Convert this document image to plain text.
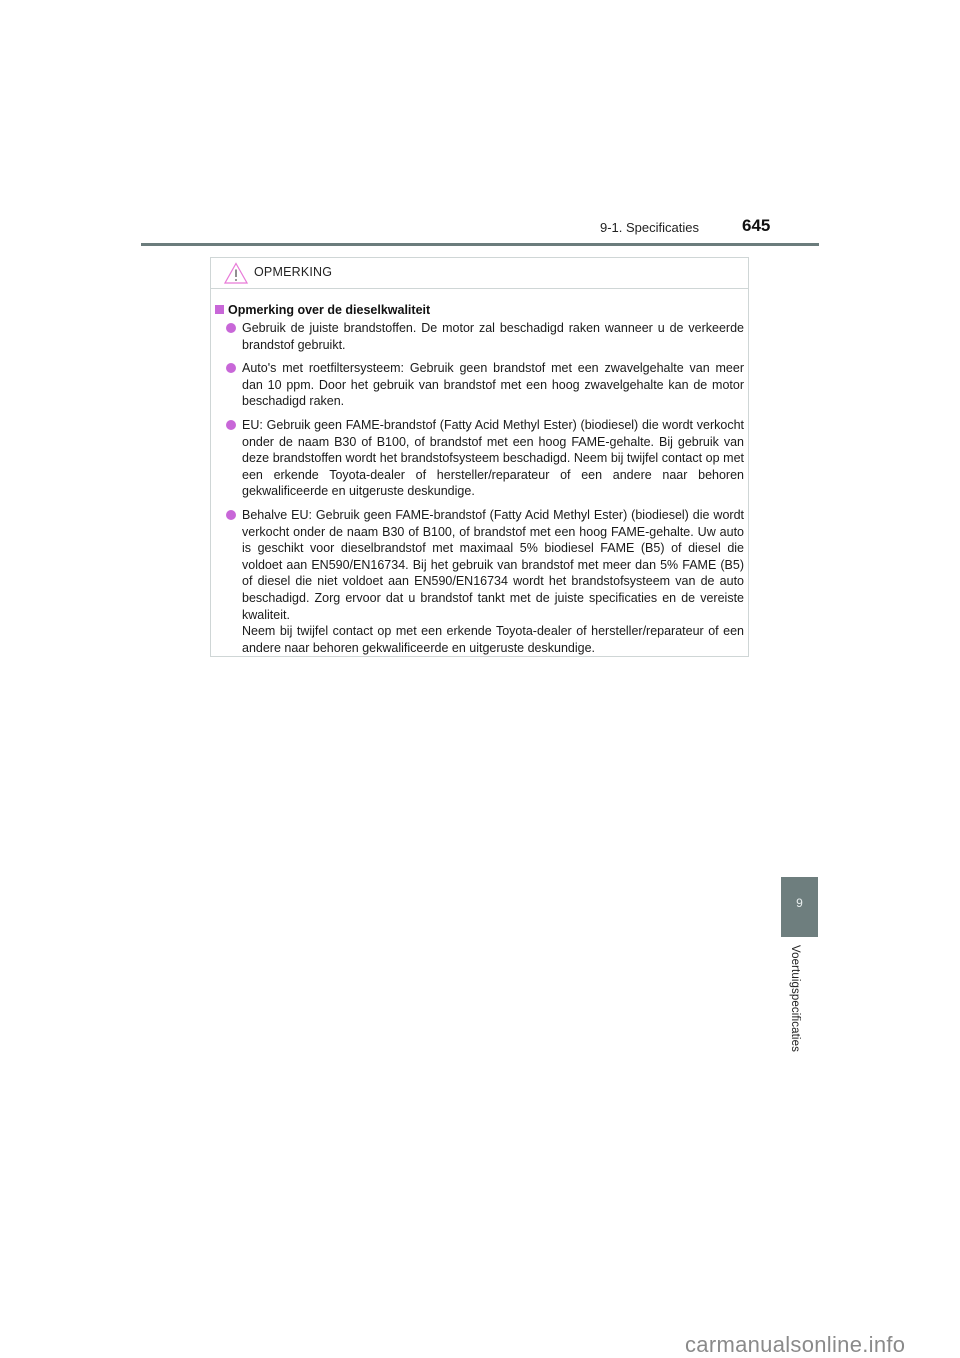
9-1. Specificaties	645
OPMERKING
Opmerking over de dieselkwaliteit

Gebruik de juiste brandstoffen. De motor zal beschadigd raken wanneer u de verkeerde brandstof gebruikt.

Auto's met roetfiltersysteem: Gebruik geen brandstof met een zwavelgehalte van meer dan 10 ppm. Door het gebruik van brandstof met een hoog zwavelgehalte kan de motor beschadigd raken.

EU: Gebruik geen FAME-brandstof (Fatty Acid Methyl Ester) (biodiesel) die wordt verkocht onder de naam B30 of B100, of brandstof met een hoog FAME-gehalte. Bij gebruik van deze brandstoffen wordt het brandstofsysteem beschadigd. Neem bij twijfel contact op met een erkende Toyota-dealer of hersteller/reparateur of een andere naar behoren gekwalificeerde en uitgeruste deskundige.

Behalve EU: Gebruik geen FAME-brandstof (Fatty Acid Methyl Ester) (biodiesel) die wordt verkocht onder de naam B30 of B100, of brandstof met een hoog FAME-gehalte. Uw auto is geschikt voor dieselbrandstof met maximaal 5% biodiesel FAME (B5) of diesel die voldoet aan EN590/EN16734. Bij het gebruik van brandstof met meer dan 5% FAME (B5) of diesel die niet voldoet aan EN590/EN16734 wordt het brandstofsysteem van de auto beschadigd. Zorg ervoor dat u brandstof tankt met de juiste specificaties en de vereiste kwaliteit.

Neem bij twijfel contact op met een erkende Toyota-dealer of hersteller/reparateur of een andere naar behoren gekwalificeerde en uitgeruste deskundige.

9
Voertuigspecificaties
carmanualsonline.info
